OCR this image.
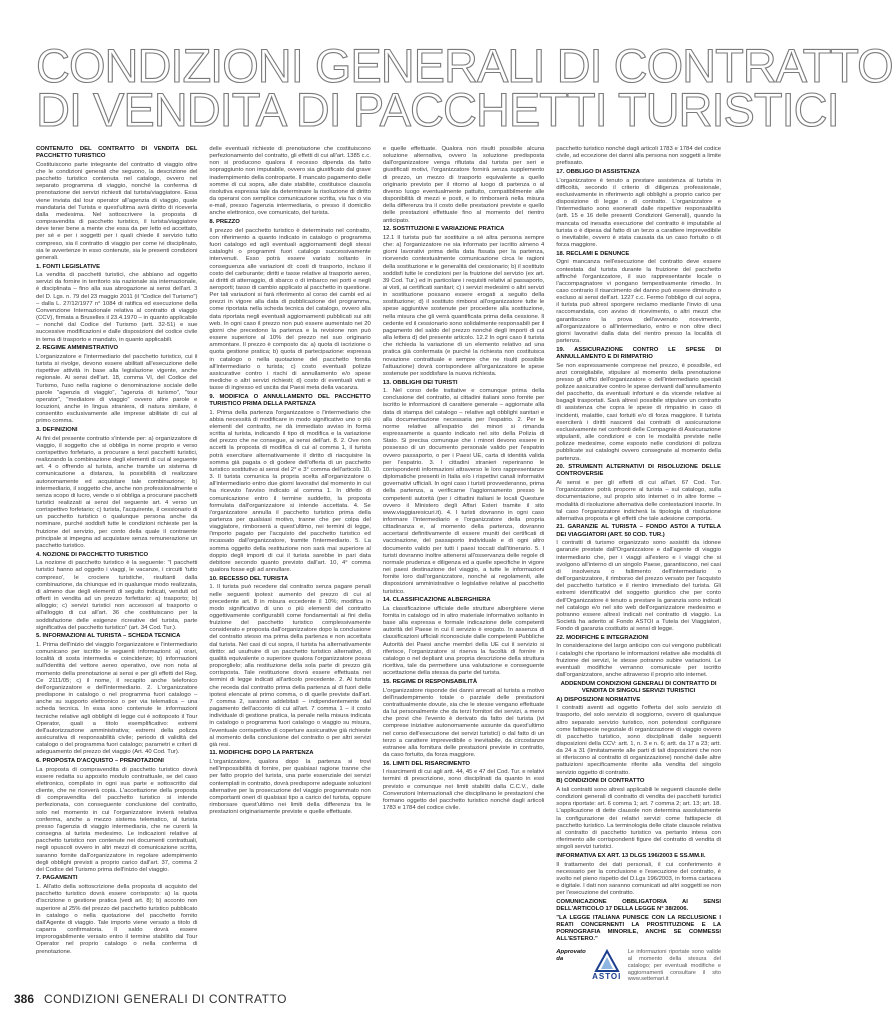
CONDIZIONI GENERALI DI CONTRATTO
DI VENDITA DI PACCHETTI TURISTICI

CONTENUTO DEL CONTRATTO DI VENDITA DEL PACCHETTO TURISTICO

Costituiscono parte integrante del contratto di viaggio oltre che le condizioni generali che seguono, la descrizione del pacchetto turistico contenuta nel catalogo, ovvero nel separato programma di viaggio, nonché la conferma di prenotazione dei servizi richiesti dal turista/viaggiatore. Essa viene inviata dal tour operator all'agenzia di viaggio, quale mandataria del Turista e quest'ultima avrà diritto di riceverla dalla medesima. Nel sottoscrivere la proposta di compravendita di pacchetto turistico, il turista/viaggiatore deve tener bene a mente che essa da per letto ed accettato, per sé e per i soggetti per i quali chiede il servizio tutto compreso, sia il contratto di viaggio per come ivi disciplinato, sia le avvertenze in esso contenute, sia le presenti condizioni generali.

1. FONTI LEGISLATIVE

La vendita di pacchetti turistici, che abbiano ad oggetto servizi da fornire in territorio sia nazionale sia internazionale, è disciplinata – fino alla sua abrogazione ai sensi dell'art. 3 del D. Lgs. n. 79 del 23 maggio 2011 (il "Codice del Turismo") – dalla L. 27/12/1977 n° 1084 di ratifica ed esecuzione della Convenzione Internazionale relativa al contratto di viaggio (CCV), firmata a Bruxelles il 23.4.1970 – in quanto applicabile – nonché dal Codice del Turismo (artt. 32-51) e sue successive modificazioni e dalle disposizioni del codice civile in tema di trasporto e mandato, in quanto applicabili.

2. REGIME AMMINISTRATIVO

L'organizzatore e l'intermediario del pacchetto turistico, cui il turista si rivolge, devono essere abilitati all'esecuzione delle rispettive attività in base alla legislazione vigente, anche regionale. Ai sensi dell'art. 18, comma VI, del Codice del Turismo, l'uso nella ragione o denominazione sociale delle parole "agenzia di viaggio", "agenzia di turismo", "tour operator", "mediatore di viaggio" ovvero altre parole e locuzioni, anche in lingua straniera, di natura similare, è consentito esclusivamente alle imprese abilitate di cui al primo comma.

3. DEFINIZIONI

Ai fini del presente contratto s'intende per: a) organizzatore di viaggio, il soggetto che si obbliga in nome proprio e verso corrispettivo forfetario, a procurare a terzi pacchetti turistici, realizzando la combinazione degli elementi di cui al seguente art. 4 o offrendo al turista, anche tramite un sistema di comunicazione a distanza, la possibilità di realizzare autonomamente ed acquistare tale combinazione; b) intermediario, il soggetto che, anche non professionalmente e senza scopo di lucro, vende o si obbliga a procurare pacchetti turistici realizzati ai sensi del seguente art. 4 verso un corrispettivo forfetario; c) turista, l'acquirente, il cessionario di un pacchetto turistico o qualunque persona anche da nominare, purché soddisfi tutte le condizioni richieste per la fruizione del servizio, per conto della quale il contraente principale si impegna ad acquistare senza remunerazione un pacchetto turistico.

4. NOZIONE DI PACCHETTO TURISTICO

La nozione di pacchetto turistico è la seguente: "I pacchetti turistici hanno ad oggetto i viaggi, le vacanze, i circuiti 'tutto compreso', le crociere turistiche, risultanti dalla combinazione, da chiunque ed in qualunque modo realizzata, di almeno due degli elementi di seguito indicati, venduti od offerti in vendita ad un prezzo forfettario: a) trasporto; b) alloggio; c) servizi turistici non accessori al trasporto o all'alloggio di cui all'art. 36 che costituiscano per la soddisfazione delle esigenze ricreative del turista, parte significativa del pacchetto turistico" (art. 34 Cod. Tur.).

5. INFORMAZIONI AL TURISTA – SCHEDA TECNICA

1. Prima dell'inizio del viaggio l'organizzatore e l'intermediario comunicano per iscritto le seguenti informazioni: a) orari, località di sosta intermedia e coincidenze; b) informazioni sull'identità del vettore aereo operativo, ove non nota al momento della prenotazione ai sensi e per gli effetti del Reg. Ce 2111/05; c) il nome, il recapito anche telefonico dell'organizzatore e dell'intermediario. 2. L'organizzatore predispone in catalogo o nel programma fuori catalogo – anche su supporto elettronico o per via telematica – una scheda tecnica. In essa sono contenute le informazioni tecniche relative agli obblighi di legge cui è sottoposto il Tour Operator, quali a titolo esemplificativo: estremi dell'autorizzazione amministrativa; estremi della polizza assicurativa di responsabilità civile; periodo di validità del catalogo o del programma fuori catalogo; parametri e criteri di adeguamento del prezzo del viaggio (Art. 40 Cod. Tur).

6. PROPOSTA D'ACQUISTO – PRENOTAZIONI

La proposta di compravendita di pacchetto turistico dovrà essere redatta su apposito modulo contrattuale, se del caso elettronico, compilato in ogni sua parte e sottoscritto dal cliente, che ne riceverà copia. L'accettazione della proposta di compravendita del pacchetto turistico si intende perfezionata, con conseguente conclusione del contratto, solo nel momento in cui l'organizzatore invierà relativa conferma, anche a mezzo sistema telematico, al turista presso l'agenzia di viaggio intermediaria, che ne curerà la consegna al turista medesimo. Le indicazioni relative al pacchetto turistico non contenute nei documenti contrattuali, negli opuscoli ovvero in altri mezzi di comunicazione scritta, saranno fornite dall'organizzatore in regolare adempimento degli obblighi previsti a proprio carico dall'art. 37, comma 2 del Codice del Turismo prima dell'inizio del viaggio.

7. PAGAMENTI

1. All'atto della sottoscrizione della proposta di acquisto del pacchetto turistico dovrà essere corrisposto: a) la quota d'iscrizione o gestione pratica (vedi art. 8); b) acconto non superiore al 25% del prezzo del pacchetto turistico pubblicato in catalogo o nella quotazione del pacchetto fornito dall'Agente di viaggio. Tale importo viene versato a titolo di caparra confirmatoria. Il saldo dovrà essere improrogabilmente versato entro il termine stabilito dal Tour Operator nel proprio catalogo o nella conferma di prenotazione.

delle eventuali richieste di prenotazione che costituiscono perfezionamento del contratto, gli effetti di cui all'art. 1385 c.c. non si producono qualora il recesso dipenda da fatto sopraggiunto non imputabile, ovvero sia giustificato dal grave inadempimento della controparte. Il mancato pagamento delle somme di cui sopra, alle date stabilite, costituisce clausola risolutiva espressa tale da determinare la risoluzione di diritto da operarsi con semplice comunicazione scritta, via fax o via e-mail, presso l'agenzia intermediaria, o presso il domicilio anche elettronico, ove comunicato, del turista.

8. PREZZO

Il prezzo del pacchetto turistico è determinato nel contratto, con riferimento a quanto indicato in catalogo o programma fuori catalogo ed agli eventuali aggiornamenti degli stessi cataloghi o programmi fuori catalogo successivamente intervenuti. Esso potrà essere variato soltanto in conseguenza alle variazioni di: costi di trasporto, incluso il costo del carburante; diritti e tasse relative al trasporto aereo, ai diritti di atterraggio, di sbarco o di imbarco nei porti e negli aeroporti; tasso di cambio applicato al pacchetto in questione. Per tali variazioni si farà riferimento al corso dei cambi ed ai prezzi in vigore alla data di pubblicazione del programma, come riportata nella scheda tecnica del catalogo, ovvero alla data riportata negli eventuali aggiornamenti pubblicati sui siti web. In ogni caso il prezzo non può essere aumentato nei 20 giorni che precedono la partenza e la revisione non può essere superiore al 10% del prezzo nel suo originario ammontare. Il prezzo è composto da: a) quota di iscrizione o quota gestione pratica; b) quota di partecipazione: espressa in catalogo o nella quotazione del pacchetto fornita all'intermediario o turista; c) costo eventuali polizze assicurative contro i rischi di annullamento e/o spese mediche o altri servizi richiesti; d) costo di eventuali visti e tasse di ingresso ed uscita dai Paesi meta della vacanza.

9. MODIFICA O ANNULLAMENTO DEL PACCHETTO TURISTICO PRIMA DELLA PARTENZA

1. Prima della partenza l'organizzatore o l'intermediario che abbia necessità di modificare in modo significativo uno o più elementi del contratto, ne dà immediato avviso in forma scritta al turista, indicando il tipo di modifica e la variazione del prezzo che ne consegue, ai sensi dell'art. 8. 2. Ove non accetti la proposta di modifica di cui al comma 1, il turista potrà esercitare alternativamente il diritto di riacquisire la somma già pagata o di godere dell'offerta di un pacchetto turistico sostitutivo ai sensi del 2° e 3° comma dell'articolo 10. 3. Il turista comunica la propria scelta all'organizzatore o all'intermediario entro due giorni lavorativi dal momento in cui ha ricevuto l'avviso indicato al comma 1. In difetto di comunicazione entro il termine suddetto, la proposta formulata dall'organizzatore si intende accettata. 4. Se l'organizzatore annulla il pacchetto turistico prima della partenza per qualsiasi motivo, tranne che per colpa del viaggiatore, rimborserà a quest'ultimo, nei termini di legge, l'importo pagato per l'acquisto del pacchetto turistico ed incassato dall'organizzatore, tramite l'intermediario. 5. La somma oggetto della restituzione non sarà mai superiore al doppio degli importi di cui il turista sarebbe in pari data debitore secondo quanto previsto dall'art. 10, 4° comma qualora fosse egli ad annullare.

10. RECESSO DEL TURISTA

1. Il turista può recedere dal contratto senza pagare penali nelle seguenti ipotesi: aumento del prezzo di cui al precedente art. 8 in misura eccedente il 10%; modifica in modo significativo di uno o più elementi del contratto oggettivamente configurabili come fondamentali ai fini della fruizione del pacchetto turistico complessivamente considerato e proposta dall'organizzatore dopo la conclusione del contratto stesso ma prima della partenza e non accettata dal turista. Nei casi di cui sopra, il turista ha alternativamente diritto: ad usufruire di un pacchetto turistico alternativo, di qualità equivalente o superiore qualora l'organizzatore possa proporglielo; alla restituzione della sola parte di prezzo già corrisposta. Tale restituzione dovrà essere effettuata nei termini di legge indicati all'articolo precedente. 2. Al turista che receda dal contratto prima della partenza al di fuori delle ipotesi elencate al primo comma, o di quelle previste dall'art. 7 comma 2, saranno addebitati – indipendentemente dal pagamento dell'acconto di cui all'art. 7 comma 1 – il costo individuale di gestione pratica, la penale nella misura indicata in catalogo o programma fuori catalogo o viaggio su misura, l'eventuale corrispettivo di coperture assicurative già richieste al momento della conclusione del contratto o per altri servizi già resi.

11. MODIFICHE DOPO LA PARTENZA

L'organizzatore, qualora dopo la partenza si trovi nell'impossibilità di fornire, per qualsiasi ragione tranne che per fatto proprio del turista, una parte essenziale dei servizi contemplati in contratto, dovrà predisporre adeguate soluzioni alternative per la prosecuzione del viaggio programmato non comportanti oneri di qualsiasi tipo a carico del turista, oppure rimborsare quest'ultimo nei limiti della differenza tra le prestazioni originariamente previste e quelle effettuate.

e quelle effettuate. Qualora non risulti possibile alcuna soluzione alternativa, ovvero la soluzione predisposta dall'organizzatore venga rifiutata dal turista per seri e giustificati motivi, l'organizzatore fornirà senza supplemento di prezzo, un mezzo di trasporto equivalente a quello originario previsto per il ritorno al luogo di partenza o al diverso luogo eventualmente pattuito, compatibilmente alle disponibilità di mezzi e posti, e lo rimborserà nella misura della differenza tra il costo delle prestazioni previste e quello delle prestazioni effettuate fino al momento del rientro anticipato.

12. SOSTITUZIONI E VARIAZIONE PRATICA

12.1 Il turista può far sostituire a sé altra persona sempre che: a) l'organizzatore ne sia informato per iscritto almeno 4 giorni lavorativi prima della data fissata per la partenza, ricevendo contestualmente comunicazione circa le ragioni della sostituzione e le generalità del cessionario; b) il sostituto soddisfi tutte le condizioni per la fruizione del servizio (ex art. 39 Cod. Tur.) ed in particolare i requisiti relativi al passaporto, ai visti, ai certificati sanitari; c) i servizi medesimi o altri servizi in sostituzione possano essere erogati a seguito della sostituzione; d) il sostituto rimborsi all'organizzatore tutte le spese aggiuntive sostenute per procedere alla sostituzione, nella misura che gli verrà quantificata prima della cessione. Il cedente ed il cessionario sono solidalmente responsabili per il pagamento del saldo del prezzo nonché degli importi di cui alla lettera d) del presente articolo. 12.2 In ogni caso il turista che richieda la variazione di un elemento relativo ad una pratica già confermata (e purché la richiesta non costituisca novazione contrattuale e sempre che ne risulti possibile l'attuazione) dovrà corrispondere all'organizzatore le spese sostenute per soddisfare la nuova richiesta.

13. OBBLIGHI DEI TURISTI

1. Nel corso delle trattative e comunque prima della conclusione del contratto, ai cittadini italiani sono fornite per iscritto le informazioni di carattere generale – aggiornate alla data di stampa del catalogo – relative agli obblighi sanitari e alla documentazione necessaria per l'espatrio. 2. Per le norme relative all'espatrio dei minori si rimanda espressamente a quanto indicato nel sito della Polizia di Stato. Si precisa comunque che i minori devono essere in possesso di un documento personale valido per l'espatrio ovvero passaporto, o per i Paesi UE, carta di identità valida per l'espatrio. 3. I cittadini stranieri reperiranno le corrispondenti informazioni attraverso le loro rappresentanze diplomatiche presenti in Italia e/o i rispettivi canali informativi governativi ufficiali. In ogni caso i turisti provvederanno, prima della partenza, a verificarne l'aggiornamento presso le competenti autorità (per i cittadini italiani le locali Questure ovvero il Ministero degli Affari Esteri tramite il sito www.viaggiaresicuri.it). 4. I turisti dovranno in ogni caso informare l'intermediario e l'organizzatore della propria cittadinanza e, al momento della partenza, dovranno accertarsi definitivamente di essere muniti dei certificati di vaccinazione, del passaporto individuale e di ogni altro documento valido per tutti i paesi toccati dall'itinerario. 5. I turisti dovranno inoltre attenersi all'osservanza delle regole di normale prudenza e diligenza ed a quelle specifiche in vigore nei paesi destinazione del viaggio, a tutte le informazioni fornite loro dall'organizzatore, nonché ai regolamenti, alle disposizioni amministrative o legislative relative al pacchetto turistico.

14. CLASSIFICAZIONE ALBERGHIERA

La classificazione ufficiale delle strutture alberghiere viene fornita in catalogo od in altro materiale informativo soltanto in base alla espressa e formale indicazione delle competenti autorità del Paese in cui il servizio è erogato. In assenza di classificazioni ufficiali riconosciute dalle competenti Pubbliche Autorità dei Paesi anche membri della UE cui il servizio si riferisce, l'organizzatore si riserva la facoltà di fornire in catalogo o nel depliant una propria descrizione della struttura ricettiva, tale da permettere una valutazione e conseguente accettazione della stessa da parte del turista.

15. REGIME DI RESPONSABILITÀ

L'organizzatore risponde dei danni arrecati al turista a motivo dell'inadempimento totale o parziale delle prestazioni contrattualmente dovute, sia che le stesse vengano effettuate da lui personalmente che da terzi fornitori dei servizi, a meno che provi che l'evento è derivato da fatto del turista (ivi comprese iniziative autonomamente assunte da quest'ultimo nel corso dell'esecuzione dei servizi turistici) o dal fatto di un terzo a carattere imprevedibile o inevitabile, da circostanze estranee alla fornitura delle prestazioni previste in contratto, da caso fortuito, da forza maggiore.

16. LIMITI DEL RISARCIMENTO

I risarcimenti di cui agli artt. 44, 45 e 47 del Cod. Tur. e relativi termini di prescrizione, sono disciplinati da quanto in essi previsto e comunque nei limiti stabiliti dalla C.C.V., dalle Convenzioni Internazionali che disciplinano le prestazioni che formano oggetto del pacchetto turistico nonché dagli articoli 1783 e 1784 del codice civile.

pacchetto turistico nonché dagli articoli 1783 e 1784 del codice civile, ad eccezione dei danni alla persona non soggetti a limite prefissato.

17. OBBLIGO DI ASSISTENZA

L'organizzatore è tenuto a prestare assistenza al turista in difficoltà, secondo il criterio di diligenza professionale, esclusivamente in riferimento agli obblighi a proprio carico per disposizione di legge o di contratto. L'organizzatore e l'intermediario sono esonerati dalle rispettive responsabilità (artt. 15 e 16 delle presenti Condizioni Generali), quando la mancata od inesatta esecuzione del contratto è imputabile al turista o è dipesa dal fatto di un terzo a carattere imprevedibile o inevitabile, ovvero è stata causata da un caso fortuito o di forza maggiore.

18. RECLAMI E DENUNCE

Ogni mancanza nell'esecuzione del contratto deve essere contestata dal turista durante la fruizione del pacchetto affinché l'organizzatore, il suo rappresentante locale o l'accompagnatore vi pongano tempestivamente rimedio. In caso contrario il risarcimento del danno può essere diminuito o escluso ai sensi dell'art. 1227 c.c. Fermo l'obbligo di cui sopra, il turista può altresì sporgere reclamo mediante l'invio di una raccomandata, con avviso di ricevimento, o altri mezzi che garantiscano la prova dell'avvenuto ricevimento, all'organizzatore o all'intermediario, entro e non oltre dieci giorni lavorativi dalla data del rientro presso la località di partenza.

19. ASSICURAZIONE CONTRO LE SPESE DI ANNULLAMENTO E DI RIMPATRIO

Se non espressamente comprese nel prezzo, è possibile, ed anzi consigliabile, stipulare al momento della prenotazione presso gli uffici dell'organizzatore o dell'intermediario speciali polizze assicurative contro le spese derivanti dall'annullamento del pacchetto, da eventuali infortuni e da vicende relative ai bagagli trasportati. Sarà altresì possibile stipulare un contratto di assistenza che copra le spese di rimpatrio in caso di incidenti, malattie, casi fortuiti e/o di forza maggiore. Il turista eserciterà i diritti nascenti dai contratti di assicurazione esclusivamente nei confronti delle Compagnie di Assicurazione stipulanti, alle condizioni e con le modalità previste nelle polizze medesime, come esposto nelle condizioni di polizza pubblicate sui cataloghi ovvero consegnate al momento della partenza.

20. STRUMENTI ALTERNATIVI DI RISOLUZIONE DELLE CONTROVERSIE

Ai sensi e per gli effetti di cui all'art. 67 Cod. Tur. l'organizzatore potrà proporre al turista – sul catalogo, sulla documentazione, sul proprio sito internet o in altre forme – modalità di risoluzione alternativa delle contestazioni insorte. In tal caso l'organizzatore indicherà la tipologia di risoluzione alternativa proposta e gli effetti che tale adesione comporta.

21. GARANZIE AL TURISTA – FONDO ASTOI A TUTELA DEI VIAGGIATORI (ART. 50 COD. TUR.)

I contratti di turismo organizzato sono assistiti da idonee garanzie prestate dall'Organizzatore e dall'agente di viaggio intermediario che, per i viaggi all'estero e i viaggi che si svolgono all'interno di un singolo Paese, garantiscono, nei casi di insolvenza o fallimento dell'intermediario o dell'organizzatore, il rimborso del prezzo versato per l'acquisto del pacchetto turistico e il rientro immediato del turista. Gli estremi identificativi del soggetto giuridico che per conto dell'Organizzatore è tenuto a prestare la garanzia sono indicati nel catalogo e/o nel sito web dell'organizzatore medesimo e potranno essere altresì indicati nel contratto di viaggio. La Società ha aderito al Fondo ASTOI a Tutela dei Viaggiatori, Fondo di garanzia costituito ai sensi di legge.

22. MODIFICHE E INTEGRAZIONI

In considerazione del largo anticipo con cui vengono pubblicati i cataloghi che riportano le informazioni relative alle modalità di fruizione dei servizi, le stesse potranno subire variazioni. Le eventuali modifiche verranno comunicate per iscritto dall'organizzatore, anche attraverso il proprio sito internet.

ADDENDUM CONDIZIONI GENERALI DI CONTRATTO DI VENDITA DI SINGOLI SERVIZI TURISTICI

A) DISPOSIZIONI NORMATIVE

I contratti aventi ad oggetto l'offerta del solo servizio di trasporto, del solo servizio di soggiorno, ovvero di qualunque altro separato servizio turistico, non potendosi configurare come fattispecie negoziale di organizzazione di viaggio ovvero di pacchetto turistico, sono disciplinati dalle seguenti disposizioni della CCV: artt. 1, n. 3 e n. 6; artt. da 17 a 23; artt. da 24 a 31 (limitatamente alle parti di tali disposizioni che non si riferiscono al contratto di organizzazione) nonché dalle altre pattuizioni specificamente riferite alla vendita del singolo servizio oggetto di contratto.

B) CONDIZIONI DI CONTRATTO

A tali contratti sono altresì applicabili le seguenti clausole delle condizioni generali di contratto di vendita dei pacchetti turistici sopra riportate: art. 6 comma 1; art. 7 comma 2; art. 13; art. 18. L'applicazione di dette clausole non determina assolutamente la configurazione dei relativi servizi come fattispecie di pacchetto turistico. La terminologia delle citate clausole relativa al contratto di pacchetto turistico va pertanto intesa con riferimento alle corrispondenti figure del contratto di vendita di singoli servizi turistici.

INFORMATIVA EX ART. 13 DLGS 196/2003 E SS.MM.II.

Il trattamento dei dati personali, il cui conferimento è necessario per la conclusione e l'esecuzione del contratto, è svolto nel pieno rispetto del D.Lgs 196/2003, in forma cartacea e digitale. I dati non saranno comunicati ad altri soggetti se non per l'esecuzione del contratto.

COMUNICAZIONE OBBLIGATORIA AI SENSI DELL'ARTICOLO 17 DELLA LEGGE N° 38/2006.

"LA LEGGE ITALIANA PUNISCE CON LA RECLUSIONE I REATI CONCERNENTI LA PROSTITUZIONE E LA PORNOGRAFIA MINORILE, ANCHE SE COMMESSI ALL'ESTERO."

Approvato da
ASTOI
Le informazioni riportate sono valide al momento della stesura del catalogo; per eventuali modifiche e aggiornamenti consultare il sito www.settemari.it
386 CONDIZIONI GENERALI DI CONTRATTO
